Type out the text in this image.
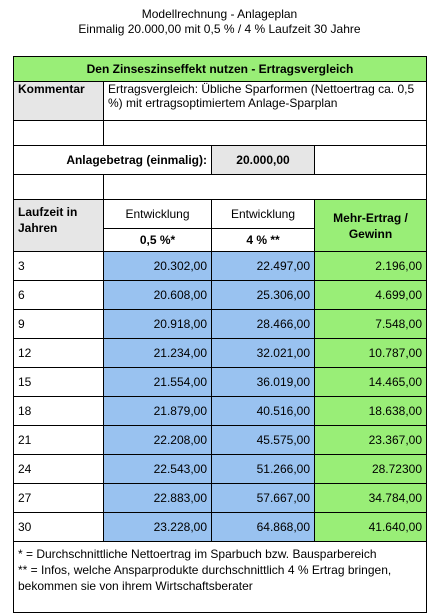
Modellrechnung - Anlageplan
Einmalig 20.000,00 mit 0,5 % / 4 % Laufzeit 30 Jahre
Den Zinseszinseffekt nutzen - Ertragsvergleich			
Kommentar	Ertragsvergleich: Übliche Sparformen (Nettoertrag ca. 0,5 %) mit ertragsoptimiertem Anlage-Sparplan		

Anlagebetrag (einmalig):		20.000,00	

Laufzeit in Jahren	Entwicklung	Entwicklung	Mehr-Ertrag / Gewinn
	0,5 %*	4 % **	
3	20.302,00	22.497,00	2.196,00
6	20.608,00	25.306,00	4.699,00
9	20.918,00	28.466,00	7.548,00
12	21.234,00	32.021,00	10.787,00
15	21.554,00	36.019,00	14.465,00
18	21.879,00	40.516,00	18.638,00
21	22.208,00	45.575,00	23.367,00
24	22.543,00	51.266,00	28.72300
27	22.883,00	57.667,00	34.784,00
30	23.228,00	64.868,00	41.640,00

* = Durchschnittliche Nettoertrag im Sparbuch bzw. Bausparbereich
** = Infos, welche Ansparprodukte durchschnittlich 4 % Ertrag bringen, bekommen sie von ihrem Wirtschaftsberater			
